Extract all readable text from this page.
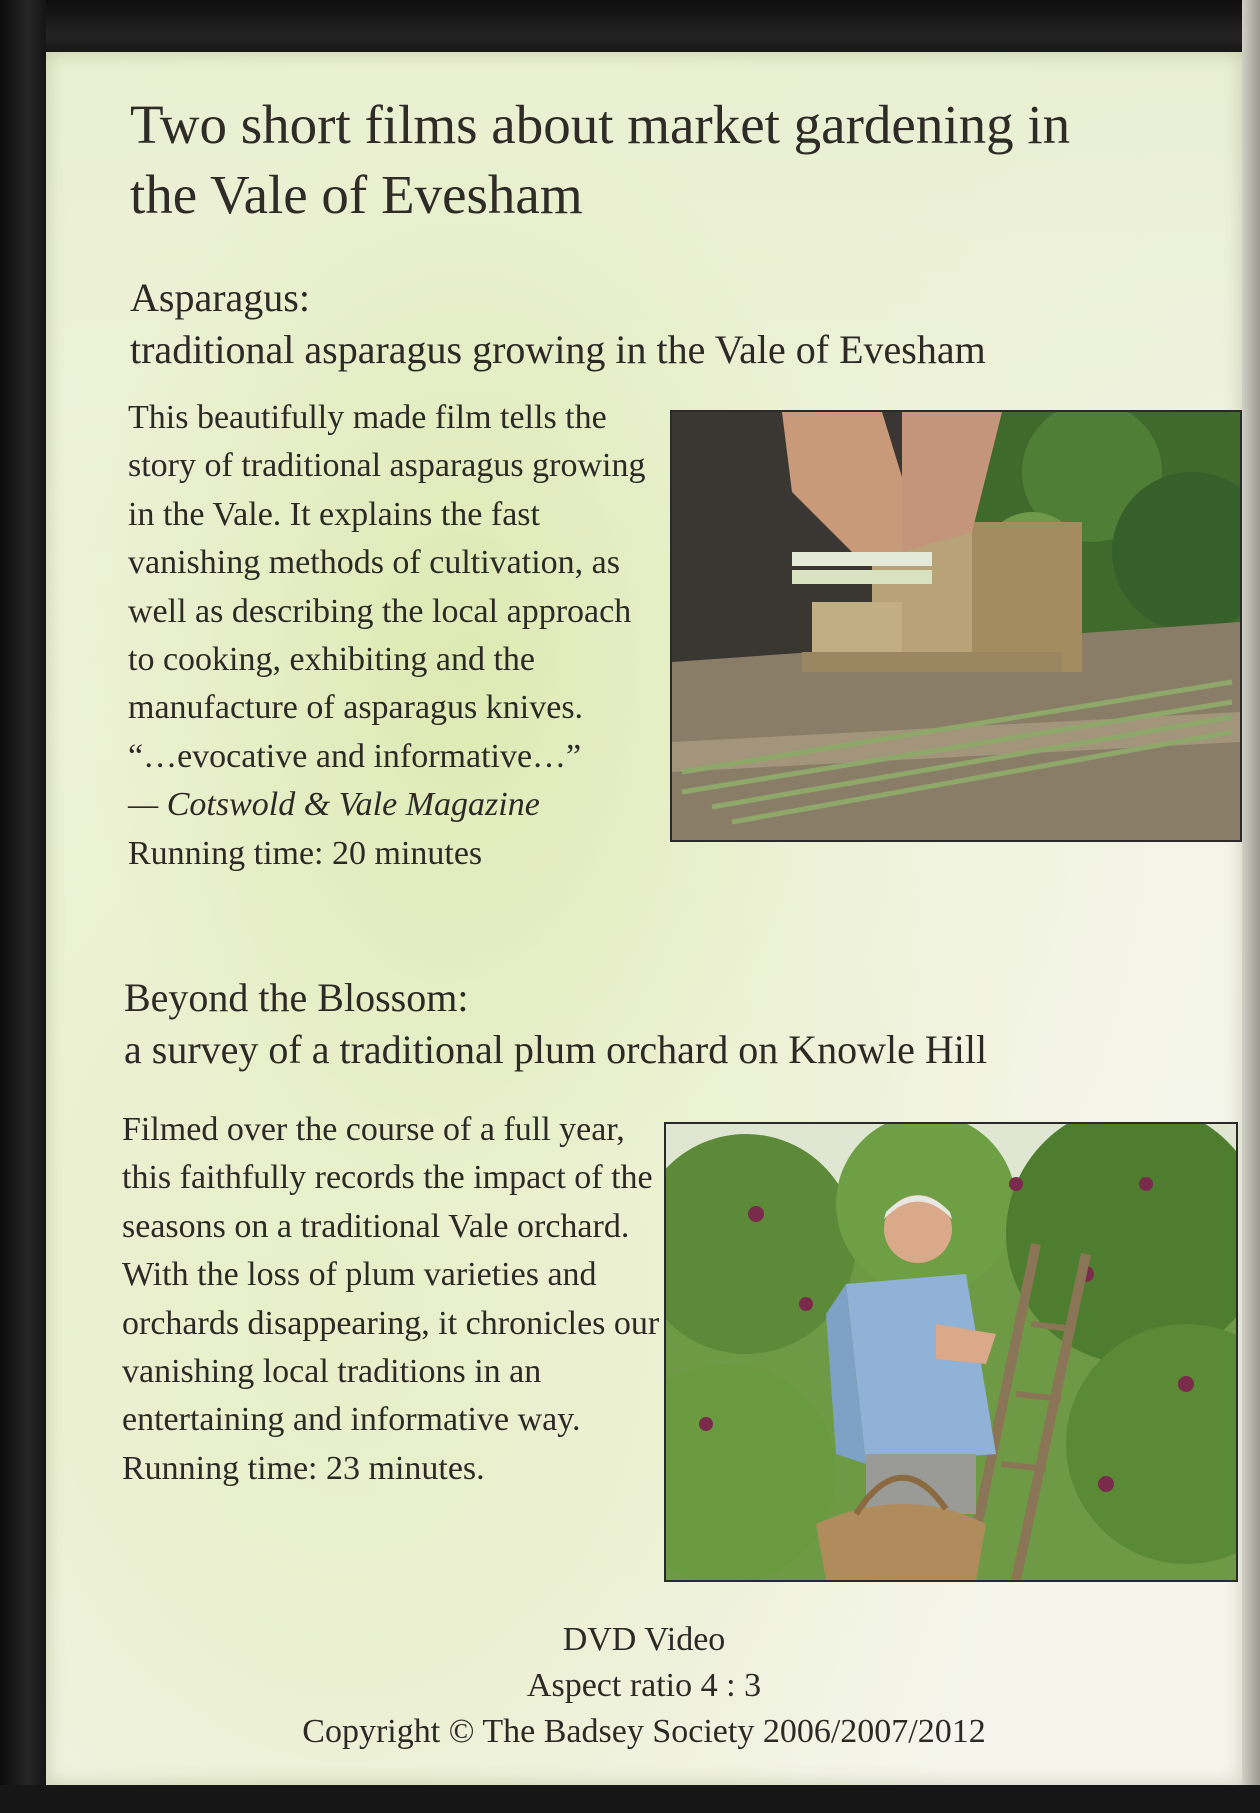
Two short films about market gardening in the Vale of Evesham
Asparagus:
traditional asparagus growing in the Vale of Evesham
This beautifully made film tells the story of traditional asparagus growing in the Vale. It explains the fast vanishing methods of cultivation, as well as describing the local approach to cooking, exhibiting and the manufacture of asparagus knives.
“…evocative and informative…”
— Cotswold & Vale Magazine
Running time: 20 minutes
Beyond the Blossom:
a survey of a traditional plum orchard on Knowle Hill
Filmed over the course of a full year, this faithfully records the impact of the seasons on a traditional Vale orchard. With the loss of plum varieties and orchards disappearing, it chronicles our vanishing local traditions in an entertaining and informative way.
Running time: 23 minutes.
DVD Video
Aspect ratio 4 : 3
Copyright © The Badsey Society 2006/2007/2012
